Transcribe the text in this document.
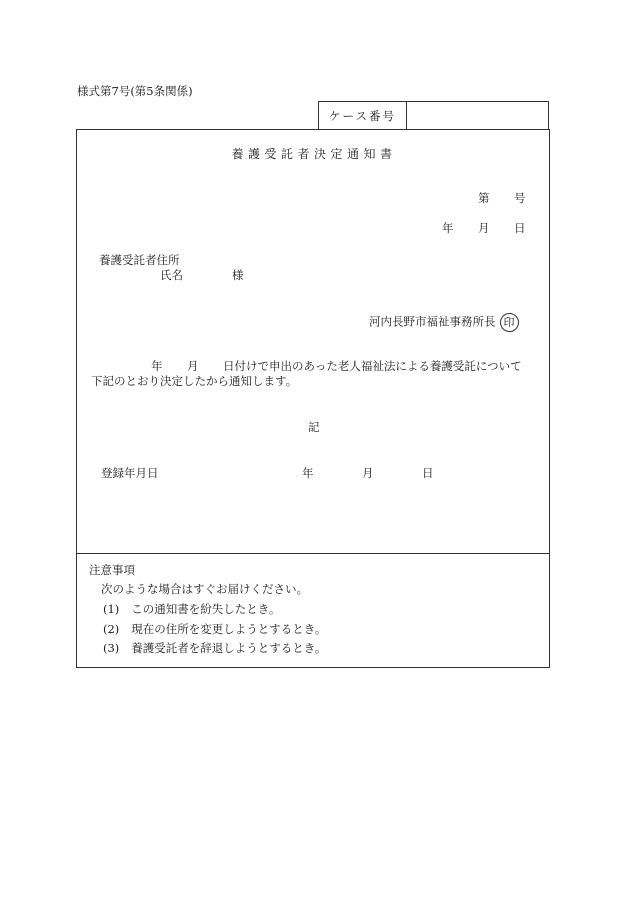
様式第7号(第5条関係)
ケース番号
養護受託者決定通知書
第 号
年 月 日
養護受託者住所
氏名	様
河内長野市福祉事務所長 印
年 月 日付けで申出のあった老人福祉法による養護受託について
下記のとおり決定したから通知します。
記
登録年月日	年	月	日
注意事項
次のような場合はすぐお届けください。
(1) この通知書を紛失したとき。
(2) 現在の住所を変更しようとするとき。
(3) 養護受託者を辞退しようとするとき。
